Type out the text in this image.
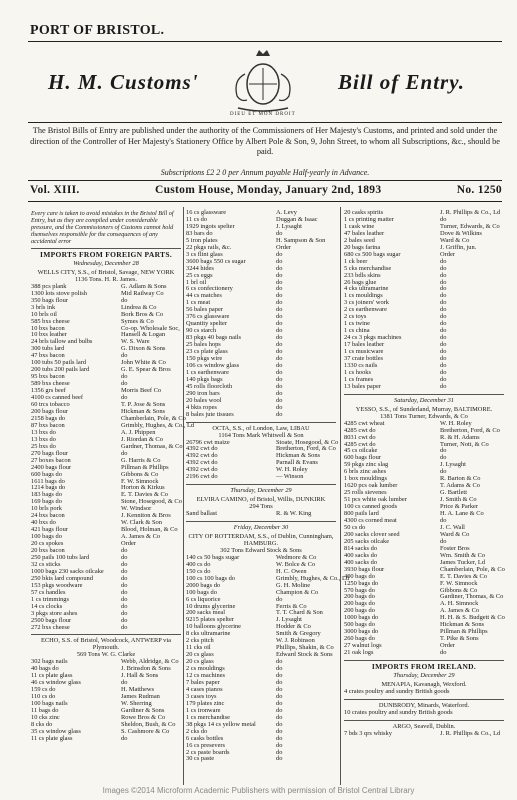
PORT OF BRISTOL.
H. M. Customs'
DIEU ET MON DROIT
Bill of Entry.
The Bristol Bills of Entry are published under the authority of the Commissioners of Her Majesty's Customs, and printed and sold under the direction of the Controller of Her Majesty's Stationery Office by Albert Pole & Son, 9, John Street, to whom all Subscriptions, &c., should be paid.
Subscriptions £2 2 0 per Annum payable Half-yearly in Advance.
Vol. XIII.	Custom House, Monday, January 2nd, 1893	No. 1250
Every care is taken to avoid mistakes in the Bristol Bill of Entry, but as they are compiled under considerable pressure, and the Commissioners of Customs cannot hold themselves responsible for the consequences of any accidental error
IMPORTS FROM FOREIGN PARTS.
Wednesday, December 28
WELLS CITY, S.S., of Bristol, Savage, NEW YORK
1136 Tons. H. R. James.
388 pcs plank	G. Adlam & Sons
1300 lots stove polish	Mid Railway Co
350 bags flour	do
3 brls ink	Lindrea & Co
10 brls oil	Bork Bros & Co
585 bxs cheese	Symes & Co
10 bxs bacon	Co-op. Wholesale Soc,
10 bxs leather	Hansell & Logan
24 brls tallow and bulbs	W. S. Ware
300 tubs lard	G. Dixon & Sons
47 bxs bacon	do
100 tubs 50 pails lard	John White & Co
200 tubs 200 pails lard	G. E. Spear & Bros
95 bxs bacon	do
589 bxs cheese	do
1356 grs beef	Morris Beef Co
4100 cs canned beef	do
60 trcs tobacco	T. P. Jose & Sons
200 bags flour	Hickman & Sons
2158 bags do	Chamberlain, Pole, & Co
87 bxs bacon	Grimbly, Hughes, & Co., Ld
13 bxs do	A. J. Phippen
13 bxs do	J. Riordan & Co
25 bxs do	Gardner, Thomas, & Co
270 bags flour	do
27 boxes bacon	G. Harris & Co
2400 bags flour	Pillman & Phillips
600 bags do	Gibbons & Co
1611 bags do	F. W. Simnock
1214 bags do	Horton & Kirkus
183 bags do	E. T. Davies & Co
169 bags do	Stone, Hosegood, & Co
10 brls pork	W. Windsor
24 bxs bacon	J. Kenniton & Bros
40 bxs do	W. Clark & Son
421 bags flour	Blood, Holman, & Co
100 bags do	A. James & Co
20 cs spokes	Order
20 bxs bacon	do
250 pails 100 tubs lard	do
32 cs sticks	do
1000 bags 230 sacks oilcake	do
250 bkts lard compound	do
153 pkgs woodware	do
57 cs handles	do
1 cs trimmings	do
14 cs clocks	do
3 pkgs store ashes	do
2500 bags flour	do
272 bxs cheese	do
ECHO, S.S. of Bristol, Woodcock, ANTWERP via Plymouth.
569 Tons W. G. Clarke
302 bags nails	Webb, Aldridge, & Co
40 bags do	J. Brinsdon & Sons
11 cs plate glass	J. Hall & Sons
46 cs window glass	do
159 cs do	H. Matthews
110 cs do	James Rudman
100 bags nails	W. Sherring
11 bags do	Gardiner & Sons
10 cks zinc	Rowe Bros & Co
8 cks do	Sheldon, Bush, & Co
35 cs window glass	S. Cashmore & Co
11 cs plate glass	do
16 cs glassware	A. Levy
11 cs do	Duggan & Isaac
1929 ingots spelter	J. Lysaght
83 bars do	do
5 iron plates	H. Sampson & Son
22 pkgs rails, &c.	Order
3 cs flint glass	do
3600 bags 550 cs sugar	do
3244 hides	do
25 cs eggs	do
1 brl oil	do
6 cs confectionery	do
44 cs matches	do
1 cs meat	do
56 bales paper	do
376 cs glassware	do
Quantity spelter	do
90 cs starch	do
83 pkgs 40 bags nails	do
25 bales hops	do
23 cs plate glass	do
150 pkgs wire	do
106 cs window glass	do
1 cs earthenware	do
140 pkgs bags	do
45 rolls floorcloth	do
290 iron bars	do
20 bales wool	do
4 bkts ropes	do
8 bales jute tissues	do
OCTA, S.S., of London, Law, LIBAU
1164 Tons Mark Whitwell & Son
26796 cwt maize	Stoate, Hosegood, & Co
4392 cwt do	Bretherton, Ford, & Co
4392 cwt do	Hickman & Sons
4392 cwt do	Parnall & Evans
4392 cwt do	W. H. Roley
2196 cwt do	— Winson
Thursday, December 29
ELVIRA CAMINO, of Bristol, Willis, DUNKIRK
294 Tons
Sand ballast	R. & W. King
Friday, December 30
CITY OF ROTTERDAM, S.S., of Dublin, Cunningham, HAMBURG.
302 Tons Edward Stock & Sons
140 cs 50 bags sugar	Wedmore & Co
400 cs do	W. Bolce & Co
150 cs do	H. C. Owen
100 cs 100 bags do	Grimbly, Hughes, & Co., Ld
2000 bags do	G. H. Moline
100 bags do	Champion & Co
6 cs liquorice	do
10 drums glycerine	Ferris & Co
200 sacks meal	T. T. Chard & Son
9215 plates spelter	J. Lysaght
10 balloons glycerine	Hodder & Co
8 cks ultramarine	Smith & Gregory
2 cks pitch	W. J. Robinson
11 cks oil	Phillips, Shakin, & Co
20 cs glass	Edward Stock & Sons
20 cs glass	do
2 cs mouldings	do
12 cs machines	do
7 bales paper	do
4 cases pianos	do
3 cases toys	do
179 plates zinc	do
1 cs ironware	do
1 cs merchandise	do
38 pkgs 14 cs yellow metal	do
2 cks do	do
6 casks bottles	do
16 cs presevers	do
2 cs paste boards	do
30 cs paste	do
20 casks spirits	J. R. Phillips & Co., Ld
1 cs printing matter	do
1 cask wine	Turner, Edwards, & Co
47 bales leather	Dove & Wilkins
2 bales seed	Ward & Co
20 bags farina	J. Griffin, jun.
680 cs 500 bags sugar	Order
1 ck beer	do
5 cks merchandise	do
233 bdls skins	do
26 bags glue	do
4 cks ultramarine	do
1 cs mouldings	do
3 cs joiners' work	do
2 cs earthenware	do
2 cs toys	do
1 cs twine	do
1 cs china	do
24 cs 3 pkgs machines	do
17 bales leather	do
1 cs musicware	do
37 crate bottles	do
1330 cs nails	do
1 cs hooks	do
1 cs frames	do
13 bales paper	do
Saturday, December 31
YESSO, S.S., of Sunderland, Murray, BALTIMORE.
1381 Tons Turner, Edwards, & Co
4285 cwt wheat	W. H. Roley
4285 cwt do	Bretherton, Ford, & Co
8031 cwt do	R. & H. Adams
4285 cwt do	Turner, Nott, & Co
45 cs oilcake	do
600 bags flour	do
59 pkgs zinc slag	J. Lysaght
6 brls zinc ashes	do
1 box mouldings	R. Barton & Co
1620 pcs oak lumber	T. Adams & Co
25 rolls sievenes	G. Bartlett
51 pcs white oak lumber	J. Smith & Co
100 cs canned goods	Price & Parker
800 pails lard	H. A. Lane & Co
4300 cs corned meat	do
50 cs do	J. C. Wall
200 sacks clover seed	Ward & Co
205 sacks oilcake	do
814 sacks do	Foster Bros
400 sacks do	Wm. Smith & Co
400 sacks do	James Tucker, Ld
3930 bags flour	Chamberlain, Pole, & Co
400 bags do	E. T. Davies & Co
1250 bags do	F. W. Simnock
570 bags do	Gibbons & Co
200 bags do	Gardiner, Thomas, & Co
200 bags do	A. H. Simnock
200 bags do	A. James & Co
1000 bags do	H. H. & S. Budgett & Co
500 bags do	Hickman & Sons
3000 bags do	Pillman & Phillips
260 bags do	T. Pike & Sons
27 walnut logs	Order
21 oak logs	do
IMPORTS FROM IRELAND.
Thursday, December 29
MENAPIA, Kavanagh, Wexford.
4 crates poultry and sundry British goods
DUNBRODY, Minards, Waterford.
10 crates poultry and sundry British goods
ARGO, Seavell, Dublin.
7 bds 3 qrs whisky	J. R. Phillips & Co., Ld
Images ©2014 Microform Academic Publishers with permission of Bristol Central Library
